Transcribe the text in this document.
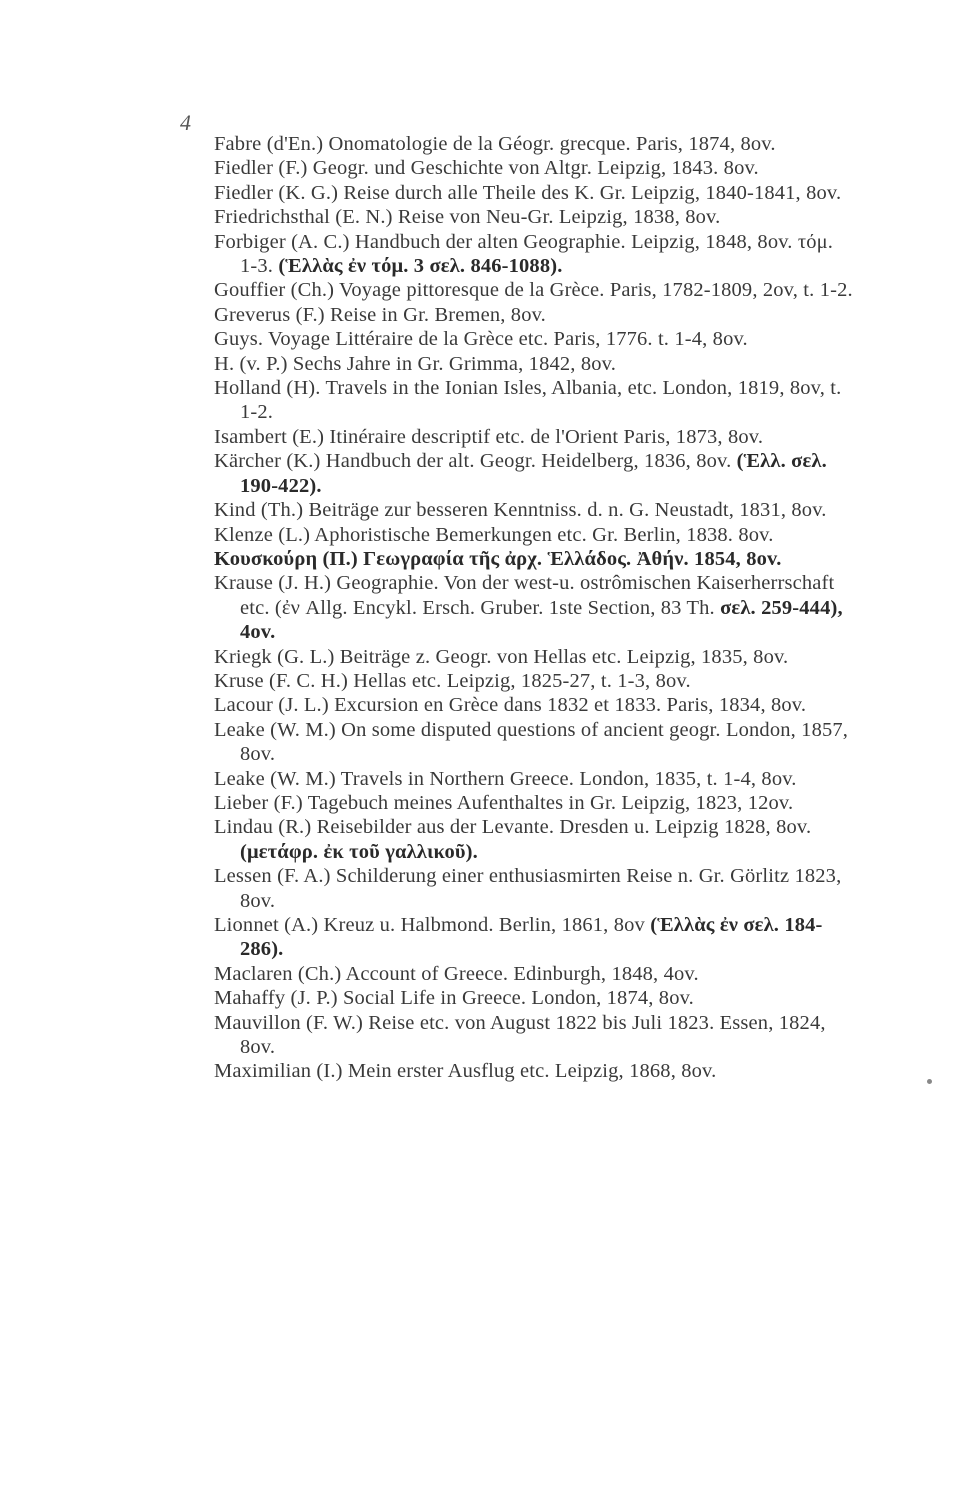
4

Fabre (d'En.) Onomatologie de la Géogr. grecque. Paris, 1874, 8ov.

Fiedler (F.) Geogr. und Geschichte von Altgr. Leipzig, 1843. 8ov.

Fiedler (K. G.) Reise durch alle Theile des K. Gr. Leipzig, 1840-1841, 8ov.

Friedrichsthal (E. N.) Reise von Neu-Gr. Leipzig, 1838, 8ov.

Forbiger (A. C.) Handbuch der alten Geographie. Leipzig, 1848, 8ov. τόμ. 1-3. (Ἑλλὰς ἐν τόμ. 3 σελ. 846-1088).

Gouffier (Ch.) Voyage pittoresque de la Grèce. Paris, 1782-1809, 2ov, t. 1-2.

Greverus (F.) Reise in Gr. Bremen, 8ov.

Guys. Voyage Littéraire de la Grèce etc. Paris, 1776. t. 1-4, 8ov.

H. (v. P.) Sechs Jahre in Gr. Grimma, 1842, 8ov.

Holland (H). Travels in the Ionian Isles, Albania, etc. London, 1819, 8ov, t. 1-2.

Isambert (E.) Itinéraire descriptif etc. de l'Orient Paris, 1873, 8ov.

Kärcher (K.) Handbuch der alt. Geogr. Heidelberg, 1836, 8ov. (Ἑλλ. σελ. 190-422).

Kind (Th.) Beiträge zur besseren Kenntniss. d. n. G. Neustadt, 1831, 8ov.

Klenze (L.) Aphoristische Bemerkungen etc. Gr. Berlin, 1838. 8ov.

Κουσκούρη (Π.) Γεωγραφία τῆς ἀρχ. Ἑλλάδος. Ἀθήν. 1854, 8ov.

Krause (J. H.) Geographie. Von der west-u. ostrômischen Kaiserherrschaft etc. (ἐν Allg. Encykl. Ersch. Gruber. 1ste Section, 83 Th. σελ. 259-444), 4ov.

Kriegk (G. L.) Beiträge z. Geogr. von Hellas etc. Leipzig, 1835, 8ov.

Kruse (F. C. H.) Hellas etc. Leipzig, 1825-27, t. 1-3, 8ov.

Lacour (J. L.) Excursion en Grèce dans 1832 et 1833. Paris, 1834, 8ov.

Leake (W. M.) On some disputed questions of ancient geogr. London, 1857, 8ov.

Leake (W. M.) Travels in Northern Greece. London, 1835, t. 1-4, 8ov.

Lieber (F.) Tagebuch meines Aufenthaltes in Gr. Leipzig, 1823, 12ov.

Lindau (R.) Reisebilder aus der Levante. Dresden u. Leipzig 1828, 8ov. (μετάφρ. ἐκ τοῦ γαλλικοῦ).

Lessen (F. A.) Schilderung einer enthusiasmirten Reise n. Gr. Görlitz 1823, 8ov.

Lionnet (A.) Kreuz u. Halbmond. Berlin, 1861, 8ov (Ἑλλὰς ἐν σελ. 184-286).

Maclaren (Ch.) Account of Greece. Edinburgh, 1848, 4ov.

Mahaffy (J. P.) Social Life in Greece. London, 1874, 8ov.

Mauvillon (F. W.) Reise etc. von August 1822 bis Juli 1823. Essen, 1824, 8ov.

Maximilian (I.) Mein erster Ausflug etc. Leipzig, 1868, 8ov.
